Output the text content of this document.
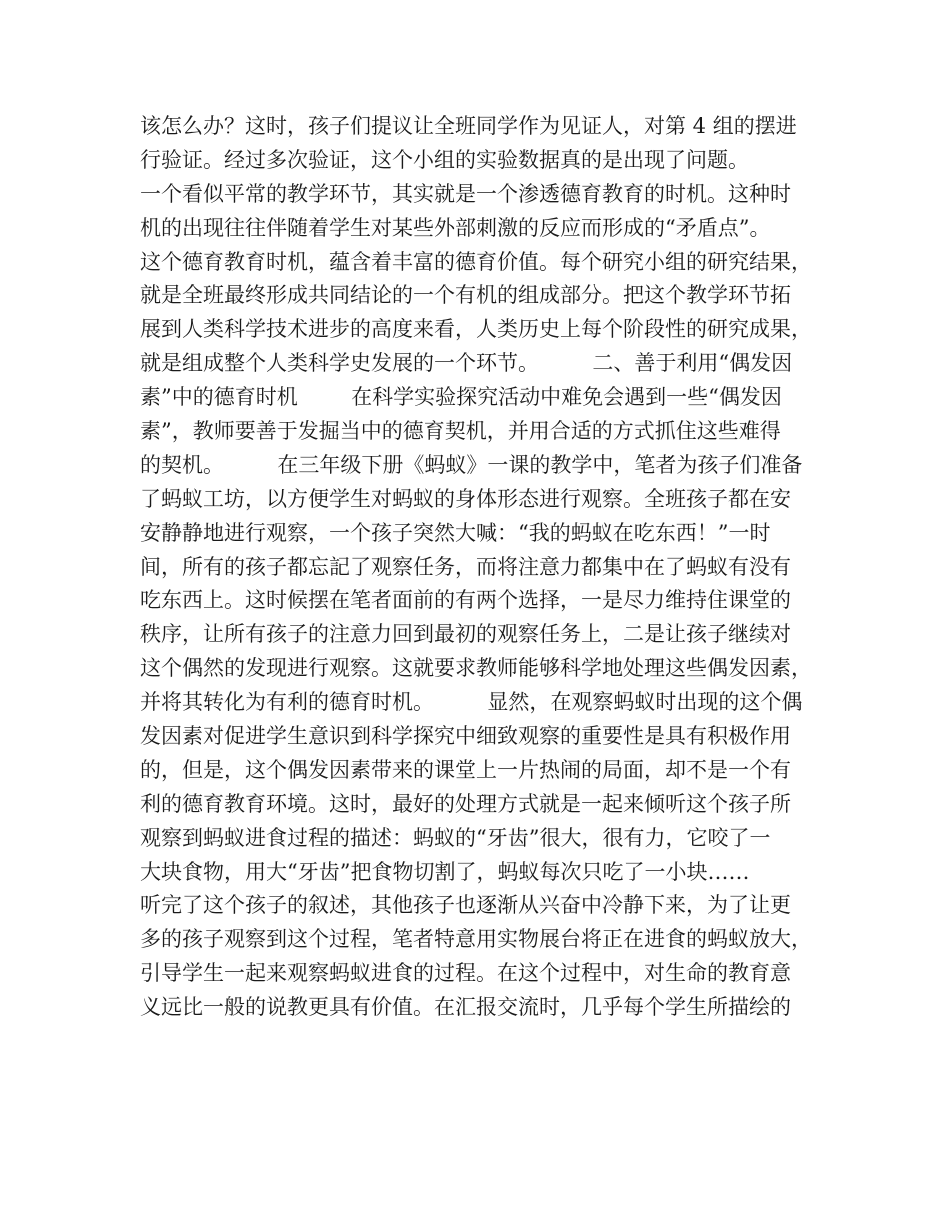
该怎么办？这时，孩子们提议让全班同学作为见证人，对第 4 组的摆进
行验证。经过多次验证，这个小组的实验数据真的是出现了问题。
一个看似平常的教学环节，其实就是一个渗透德育教育的时机。这种时
机的出现往往伴随着学生对某些外部刺激的反应而形成的“矛盾点”。
这个德育教育时机，蕴含着丰富的德育价值。每个研究小组的研究结果，
就是全班最终形成共同结论的一个有机的组成部分。把这个教学环节拓
展到人类科学技术进步的高度来看，人类历史上每个阶段性的研究成果，
就是组成整个人类科学史发展的一个环节。        二、善于利用“偶发因
素”中的德育时机        在科学实验探究活动中难免会遇到一些“偶发因
素”，教师要善于发掘当中的德育契机，并用合适的方式抓住这些难得
的契机。        在三年级下册《蚂蚁》一课的教学中，笔者为孩子们准备
了蚂蚁工坊，以方便学生对蚂蚁的身体形态进行观察。全班孩子都在安
安静静地进行观察，一个孩子突然大喊：“我的蚂蚁在吃东西！”一时
间，所有的孩子都忘記了观察任务，而将注意力都集中在了蚂蚁有没有
吃东西上。这时候摆在笔者面前的有两个选择，一是尽力维持住课堂的
秩序，让所有孩子的注意力回到最初的观察任务上，二是让孩子继续对
这个偶然的发现进行观察。这就要求教师能够科学地处理这些偶发因素，
并将其转化为有利的德育时机。        显然，在观察蚂蚁时出现的这个偶
发因素对促进学生意识到科学探究中细致观察的重要性是具有积极作用
的，但是，这个偶发因素带来的课堂上一片热闹的局面，却不是一个有
利的德育教育环境。这时，最好的处理方式就是一起来倾听这个孩子所
观察到蚂蚁进食过程的描述：蚂蚁的“牙齿”很大，很有力，它咬了一
大块食物，用大“牙齿”把食物切割了，蚂蚁每次只吃了一小块……
听完了这个孩子的叙述，其他孩子也逐渐从兴奋中冷静下来，为了让更
多的孩子观察到这个过程，笔者特意用实物展台将正在进食的蚂蚁放大，
引导学生一起来观察蚂蚁进食的过程。在这个过程中，对生命的教育意
义远比一般的说教更具有价值。在汇报交流时，几乎每个学生所描绘的
